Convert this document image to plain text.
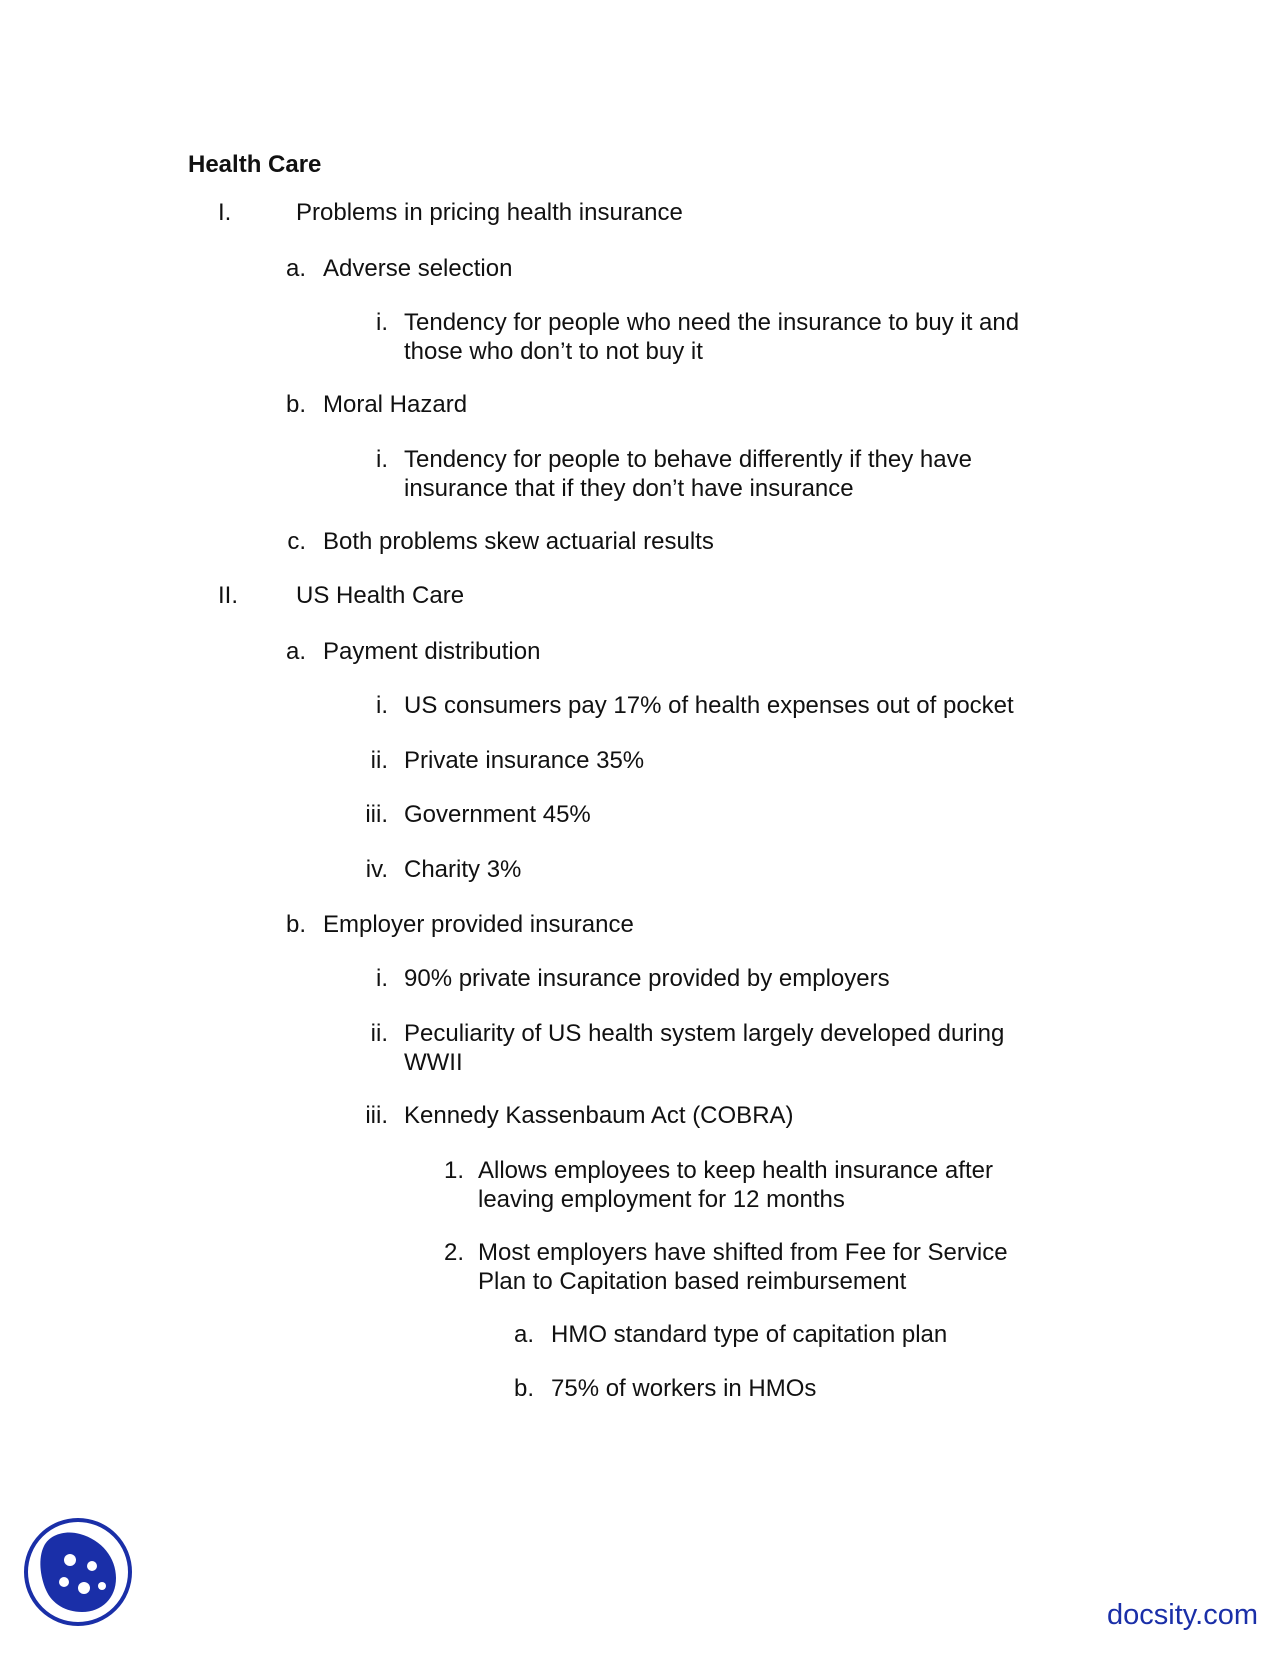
Health Care
I.	Problems in pricing health insurance
a. Adverse selection
i. Tendency for people who need the insurance to buy it and
those who don’t to not buy it
b. Moral Hazard
i. Tendency for people to behave differently if they have
insurance that if they don’t have insurance
c. Both problems skew actuarial results
II.	US Health Care
a. Payment distribution
i. US consumers pay 17% of health expenses out of pocket
ii. Private insurance 35%
iii. Government 45%
iv. Charity 3%
b. Employer provided insurance
i. 90% private insurance provided by employers
ii. Peculiarity of US health system largely developed during
WWII
iii. Kennedy Kassenbaum Act (COBRA)
1. Allows employees to keep health insurance after
leaving employment for 12 months
2. Most employers have shifted from Fee for Service
Plan to Capitation based reimbursement
a. HMO standard type of capitation plan
b. 75% of workers in HMOs
docsity.com
